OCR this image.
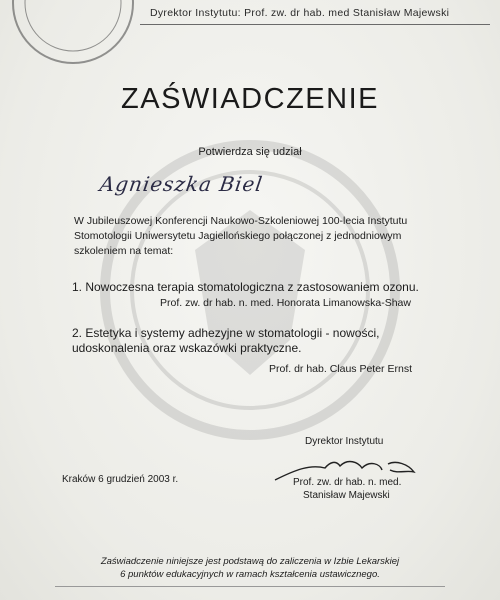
Dyrektor Instytutu: Prof. zw. dr hab. med Stanisław Majewski
ZAŚWIADCZENIE
Potwierdza się udział
Agnieszka Biel
W Jubileuszowej Konferencji Naukowo-Szkoleniowej 100-lecia Instytutu Stomotologii Uniwersytetu Jagiellońskiego połączonej z jednodniowym szkoleniem na temat:
1. Nowoczesna terapia stomatologiczna z zastosowaniem ozonu.
Prof. zw. dr hab. n. med. Honorata Limanowska-Shaw
2. Estetyka i systemy adhezyjne w stomatologii - nowości, udoskonalenia oraz wskazówki praktyczne.
Prof. dr hab. Claus Peter Ernst
Dyrektor Instytutu
Kraków 6 grudzień 2003 r.	Prof. zw. dr hab. n. med.
Stanisław Majewski
Zaświadczenie niniejsze jest podstawą do zaliczenia w Izbie Lekarskiej
6 punktów edukacyjnych w ramach kształcenia ustawicznego.
